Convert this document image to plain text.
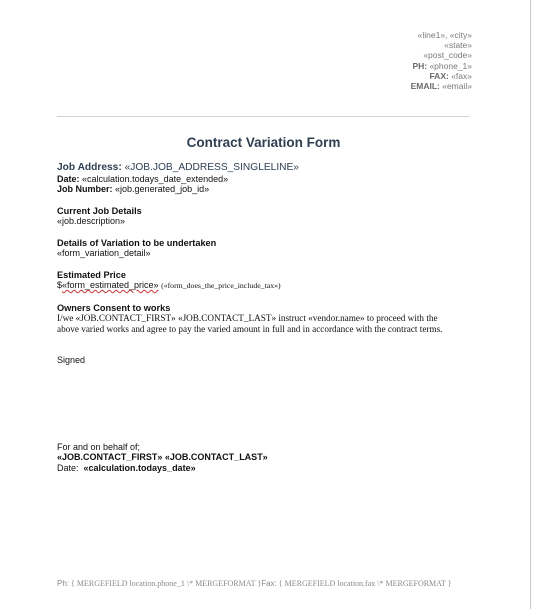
«line1», «city»
«state»
«post_code»
PH: «phone_1»
FAX: «fax»
EMAIL: «email»
Contract Variation Form
Job Address: «JOB.JOB_ADDRESS_SINGLELINE»
Date: «calculation.todays_date_extended»
Job Number: «job.generated_job_id»
Current Job Details
«job.description»
Details of Variation to be undertaken
«form_variation_detail»
Estimated Price
$«form_estimated_price» («form_does_the_price_include_tax»)
Owners Consent to works
I/we «JOB.CONTACT_FIRST» «JOB.CONTACT_LAST» instruct «vendor.name» to proceed with the
above varied works and agree to pay the varied amount in full and in accordance with the contract terms.
Signed
For and on behalf of;
«JOB.CONTACT_FIRST» «JOB.CONTACT_LAST»
Date: «calculation.todays_date»
Ph: { MERGEFIELD location.phone_1 \* MERGEFORMAT }Fax: { MERGEFIELD location.fax \* MERGEFORMAT }
